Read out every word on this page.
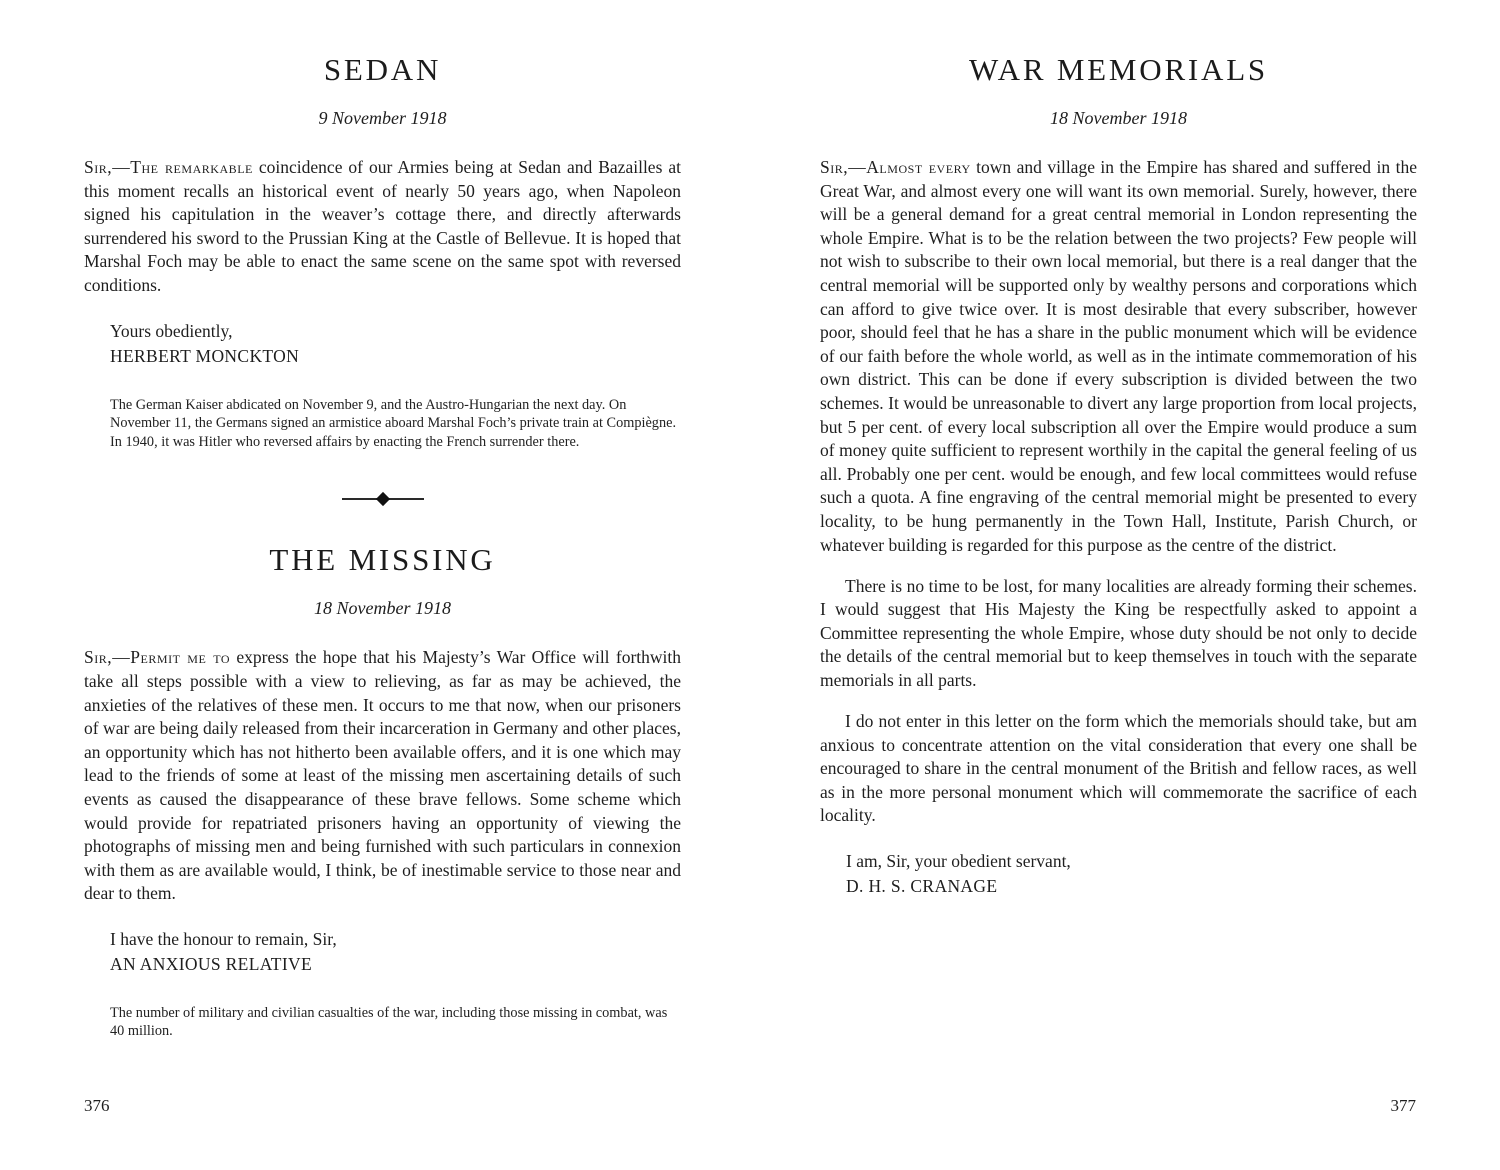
SEDAN
9 November 1918

Sir,—The remarkable coincidence of our Armies being at Sedan and Bazailles at this moment recalls an historical event of nearly 50 years ago, when Napoleon signed his capitulation in the weaver’s cottage there, and directly afterwards surrendered his sword to the Prussian King at the Castle of Bellevue. It is hoped that Marshal Foch may be able to enact the same scene on the same spot with reversed conditions.

Yours obediently,
HERBERT MONCKTON
The German Kaiser abdicated on November 9, and the Austro-Hungarian the next day. On November 11, the Germans signed an armistice aboard Marshal Foch’s private train at Compiègne. In 1940, it was Hitler who reversed affairs by enacting the French surrender there.
THE MISSING
18 November 1918

Sir,—Permit me to express the hope that his Majesty’s War Office will forthwith take all steps possible with a view to relieving, as far as may be achieved, the anxieties of the relatives of these men. It occurs to me that now, when our prisoners of war are being daily released from their incarceration in Germany and other places, an opportunity which has not hitherto been available offers, and it is one which may lead to the friends of some at least of the missing men ascertaining details of such events as caused the disappearance of these brave fellows. Some scheme which would provide for repatriated prisoners having an opportunity of viewing the photographs of missing men and being furnished with such particulars in connexion with them as are available would, I think, be of inestimable service to those near and dear to them.

I have the honour to remain, Sir,
AN ANXIOUS RELATIVE
The number of military and civilian casualties of the war, including those missing in combat, was 40 million.
WAR MEMORIALS
18 November 1918

Sir,—Almost every town and village in the Empire has shared and suffered in the Great War, and almost every one will want its own memorial. Surely, however, there will be a general demand for a great central memorial in London representing the whole Empire. What is to be the relation between the two projects? Few people will not wish to subscribe to their own local memorial, but there is a real danger that the central memorial will be supported only by wealthy persons and corporations which can afford to give twice over. It is most desirable that every subscriber, however poor, should feel that he has a share in the public monument which will be evidence of our faith before the whole world, as well as in the intimate commemoration of his own district. This can be done if every subscription is divided between the two schemes. It would be unreasonable to divert any large proportion from local projects, but 5 per cent. of every local subscription all over the Empire would produce a sum of money quite sufficient to represent worthily in the capital the general feeling of us all. Probably one per cent. would be enough, and few local committees would refuse such a quota. A fine engraving of the central memorial might be presented to every locality, to be hung permanently in the Town Hall, Institute, Parish Church, or whatever building is regarded for this purpose as the centre of the district.

There is no time to be lost, for many localities are already forming their schemes. I would suggest that His Majesty the King be respectfully asked to appoint a Committee representing the whole Empire, whose duty should be not only to decide the details of the central memorial but to keep themselves in touch with the separate memorials in all parts.

I do not enter in this letter on the form which the memorials should take, but am anxious to concentrate attention on the vital consideration that every one shall be encouraged to share in the central monument of the British and fellow races, as well as in the more personal monument which will commemorate the sacrifice of each locality.

I am, Sir, your obedient servant,
D. H. S. CRANAGE
376	377
